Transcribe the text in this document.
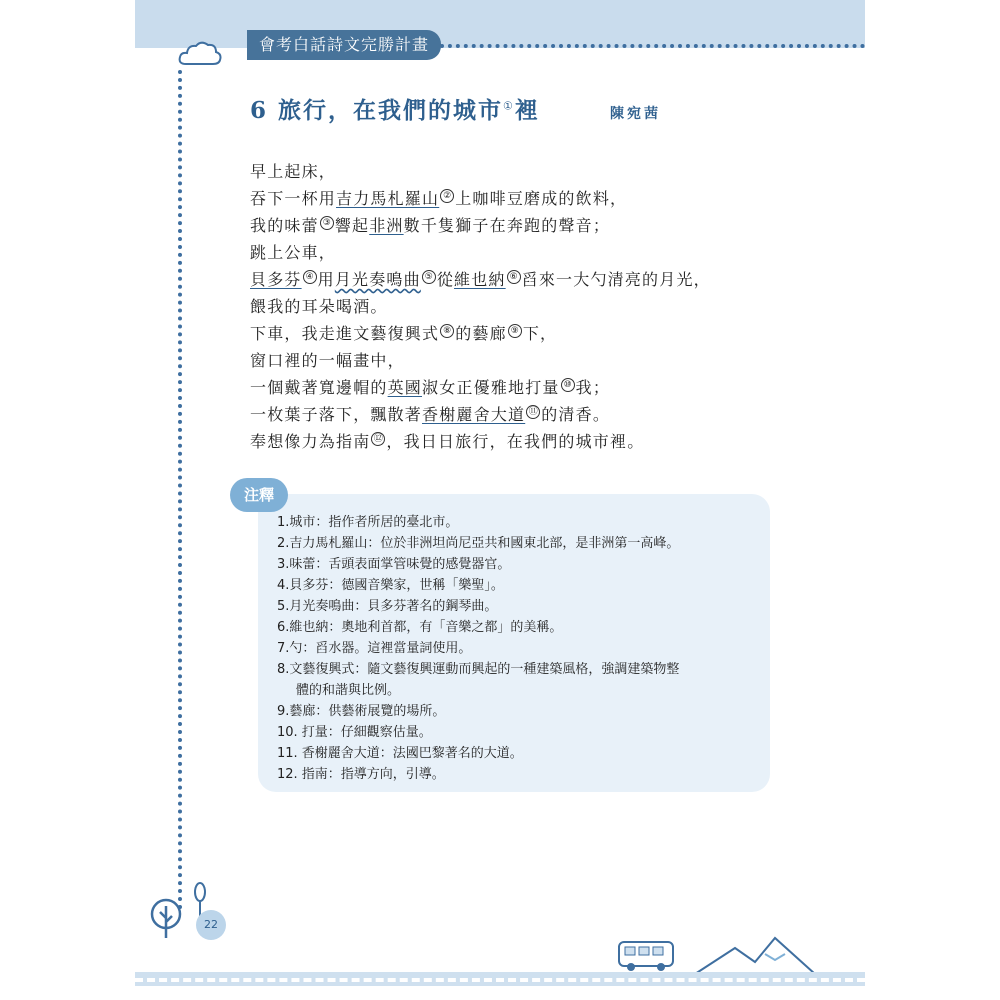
會考白話詩文完勝計畫
6 旅行，在我們的城市①裡	陳宛茜
早上起床，
吞下一杯用吉力馬札羅山 ② 上咖啡豆磨成的飲料，
我的味蕾 ③ 響起非洲數千隻獅子在奔跑的聲音；
跳上公車，
貝多芬 ④ 用月光奏鳴曲 ⑤ 從維也納 ⑥ 舀來一大勺清亮的月光，
餵我的耳朵喝酒。
下車，我走進文藝復興式 ⑧ 的藝廊 ⑨ 下，
窗口裡的一幅畫中，
一個戴著寬邊帽的英國淑女正優雅地打量 ⑩ 我；
一枚葉子落下，飄散著香榭麗舍大道 ⑪ 的清香。
奉想像力為指南 ⑫ ，我日日旅行，在我們的城市裡。
注釋
1.城市：指作者所居的臺北市。
2.吉力馬札羅山：位於非洲坦尚尼亞共和國東北部，是非洲第一高峰。
3.味蕾：舌頭表面掌管味覺的感覺器官。
4.貝多芬：德國音樂家，世稱「樂聖」。
5.月光奏鳴曲：貝多芬著名的鋼琴曲。
6.維也納：奧地利首都，有「音樂之都」的美稱。
7.勺：舀水器。這裡當量詞使用。
8.文藝復興式：隨文藝復興運動而興起的一種建築風格，強調建築物整
體的和諧與比例。
9.藝廊：供藝術展覽的場所。
10. 打量：仔細觀察估量。
11. 香榭麗舍大道：法國巴黎著名的大道。
12. 指南：指導方向，引導。
22
